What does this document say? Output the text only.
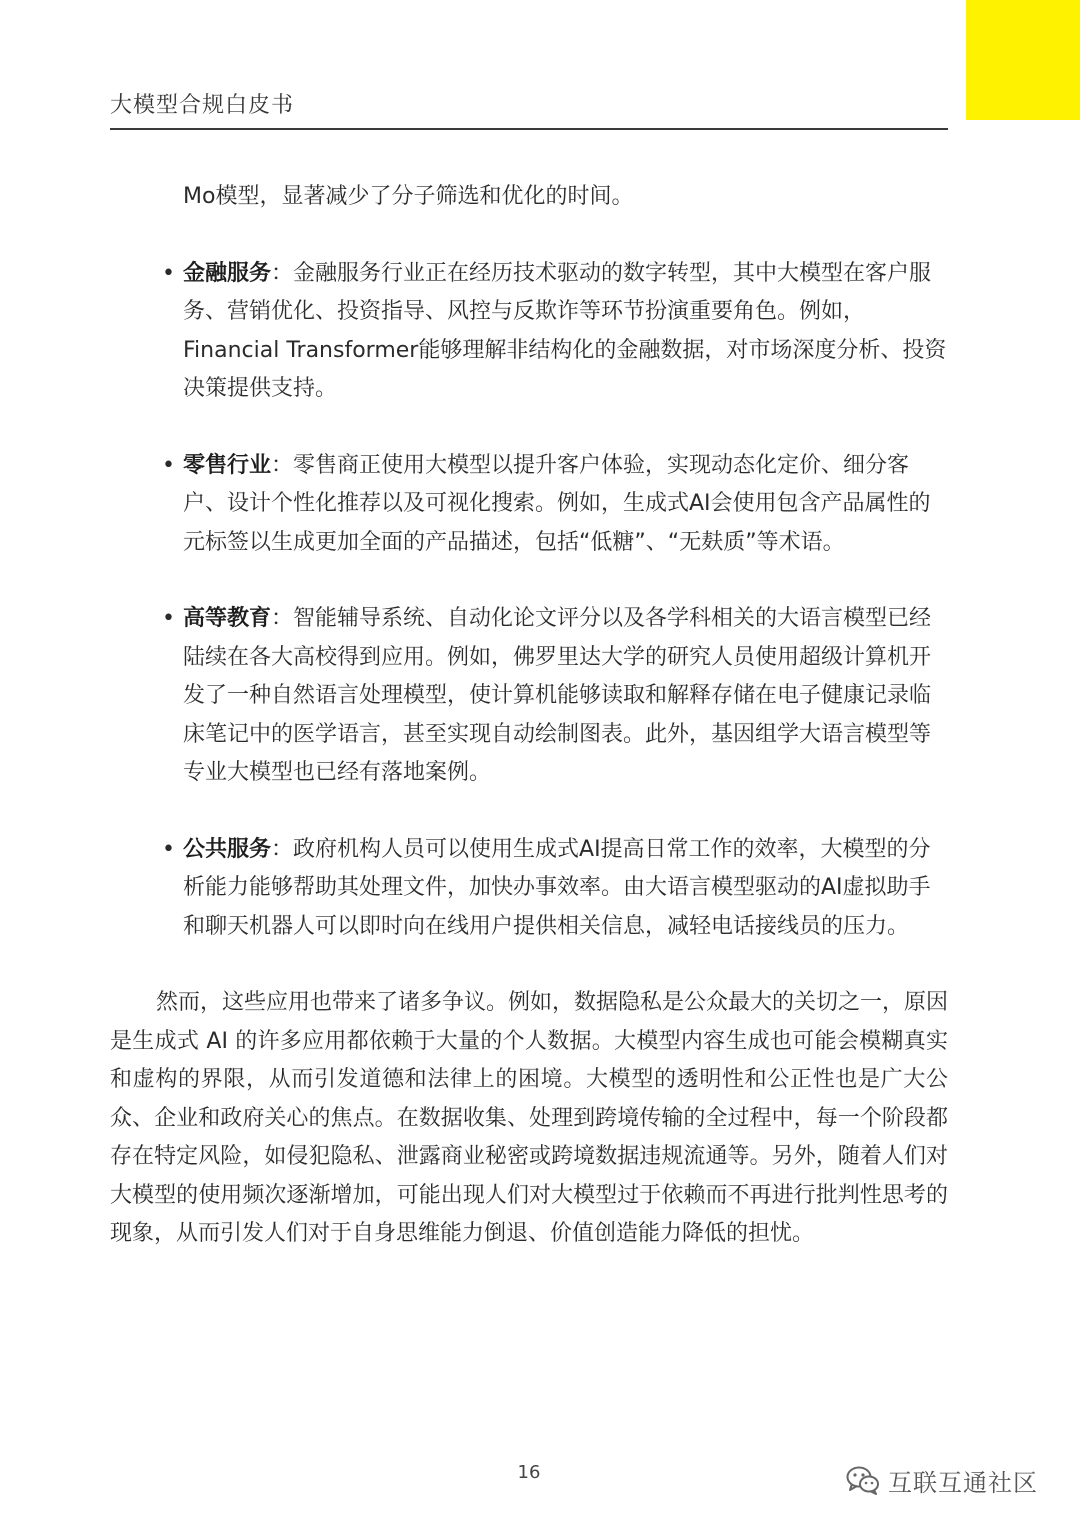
大模型合规白皮书

Mo模型，显著减少了分子筛选和优化的时间。

• 金融服务：金融服务行业正在经历技术驱动的数字转型，其中大模型在客户服务、营销优化、投资指导、风控与反欺诈等环节扮演重要角色。例如，Financial Transformer能够理解非结构化的金融数据，对市场深度分析、投资决策提供支持。
• 零售行业：零售商正使用大模型以提升客户体验，实现动态化定价、细分客户、设计个性化推荐以及可视化搜索。例如，生成式AI会使用包含产品属性的元标签以生成更加全面的产品描述，包括“低糖”、“无麸质”等术语。
• 高等教育：智能辅导系统、自动化论文评分以及各学科相关的大语言模型已经陆续在各大高校得到应用。例如，佛罗里达大学的研究人员使用超级计算机开发了一种自然语言处理模型，使计算机能够读取和解释存储在电子健康记录临床笔记中的医学语言，甚至实现自动绘制图表。此外，基因组学大语言模型等专业大模型也已经有落地案例。
• 公共服务：政府机构人员可以使用生成式AI提高日常工作的效率，大模型的分析能力能够帮助其处理文件，加快办事效率。由大语言模型驱动的AI虚拟助手和聊天机器人可以即时向在线用户提供相关信息，减轻电话接线员的压力。

然而，这些应用也带来了诸多争议。例如，数据隐私是公众最大的关切之一，原因是生成式 AI 的许多应用都依赖于大量的个人数据。大模型内容生成也可能会模糊真实和虚构的界限，从而引发道德和法律上的困境。大模型的透明性和公正性也是广大公众、企业和政府关心的焦点。在数据收集、处理到跨境传输的全过程中，每一个阶段都存在特定风险，如侵犯隐私、泄露商业秘密或跨境数据违规流通等。另外，随着人们对大模型的使用频次逐渐增加，可能出现人们对大模型过于依赖而不再进行批判性思考的现象，从而引发人们对于自身思维能力倒退、价值创造能力降低的担忧。

16	互联互通社区
